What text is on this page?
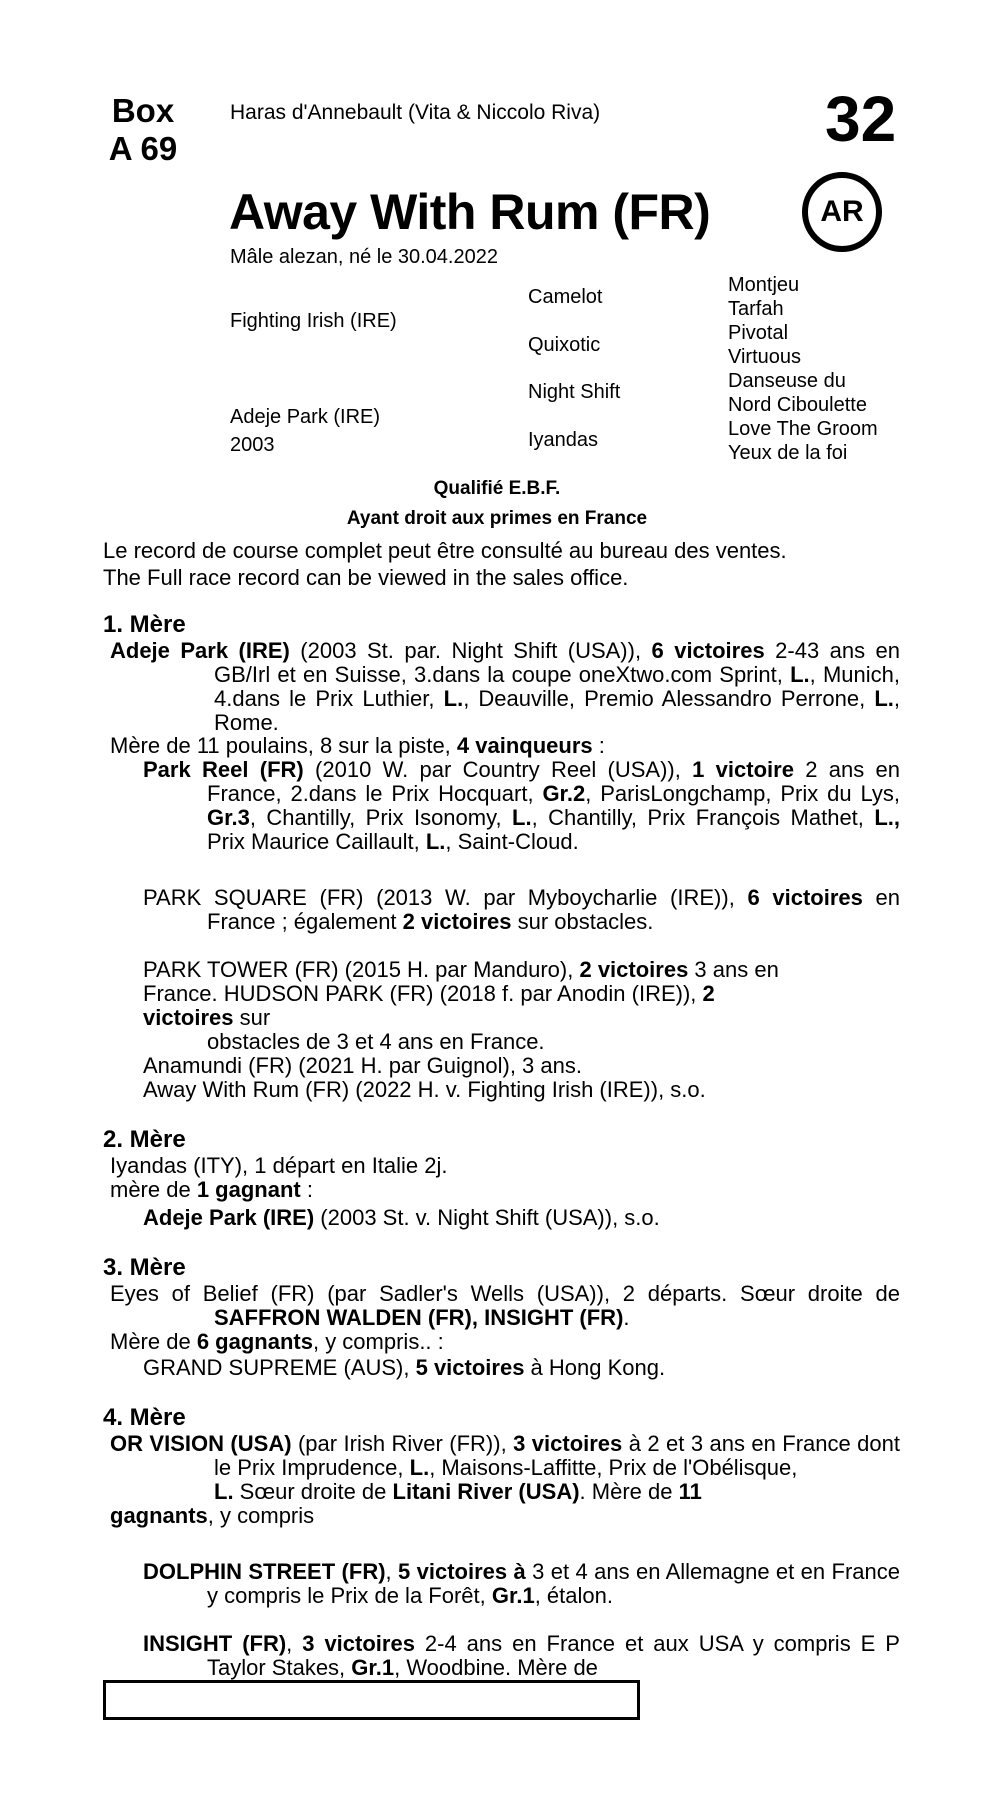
Box
A 69
Haras d'Annebault (Vita & Niccolo Riva)	32
Away With Rum (FR)	AR
Mâle alezan, né le 30.04.2022
Fighting Irish (IRE)
Adeje Park (IRE)
2003
Camelot
Quixotic
Night Shift
Iyandas
Montjeu
Tarfah
Pivotal
Virtuous
Danseuse du
Nord Ciboulette
Love The Groom
Yeux de la foi
Qualifié E.B.F.
Ayant droit aux primes en France
Le record de course complet peut être consulté au bureau des ventes.
The Full race record can be viewed in the sales office.
1. Mère
Adeje Park (IRE) (2003 St. par. Night Shift (USA)), 6 victoires 2-43 ans en GB/Irl et en Suisse, 3.dans la coupe oneXtwo.com Sprint, L., Munich, 4.dans le Prix Luthier, L., Deauville, Premio Alessandro Perrone, L., Rome.
Mère de 11 poulains, 8 sur la piste, 4 vainqueurs :
Park Reel (FR) (2010 W. par Country Reel (USA)), 1 victoire 2 ans en France, 2.dans le Prix Hocquart, Gr.2, ParisLongchamp, Prix du Lys, Gr.3, Chantilly, Prix Isonomy, L., Chantilly, Prix François Mathet, L., Prix Maurice Caillault, L., Saint-Cloud.
PARK SQUARE (FR) (2013 W. par Myboycharlie (IRE)), 6 victoires en France ; également 2 victoires sur obstacles.
PARK TOWER (FR) (2015 H. par Manduro), 2 victoires 3 ans en
France. HUDSON PARK (FR) (2018 f. par Anodin (IRE)), 2
victoires sur
obstacles de 3 et 4 ans en France.
Anamundi (FR) (2021 H. par Guignol), 3 ans.
Away With Rum (FR) (2022 H. v. Fighting Irish (IRE)), s.o.
2. Mère
Iyandas (ITY), 1 départ en Italie 2j.
mère de 1 gagnant :
Adeje Park (IRE) (2003 St. v. Night Shift (USA)), s.o.
3. Mère
Eyes of Belief (FR) (par Sadler's Wells (USA)), 2 départs. Sœur droite de SAFFRON WALDEN (FR), INSIGHT (FR).
Mère de 6 gagnants, y compris.. :
GRAND SUPREME (AUS), 5 victoires à Hong Kong.
4. Mère
OR VISION (USA) (par Irish River (FR)), 3 victoires à 2 et 3 ans en France dont le Prix Imprudence, L., Maisons-Laffitte, Prix de l'Obélisque,
L. Sœur droite de Litani River (USA). Mère de 11
gagnants, y compris
DOLPHIN STREET (FR), 5 victoires à 3 et 4 ans en Allemagne et en France y compris le Prix de la Forêt, Gr.1, étalon.
INSIGHT (FR), 3 victoires 2-4 ans en France et aux USA y compris E P Taylor Stakes, Gr.1, Woodbine. Mère de
